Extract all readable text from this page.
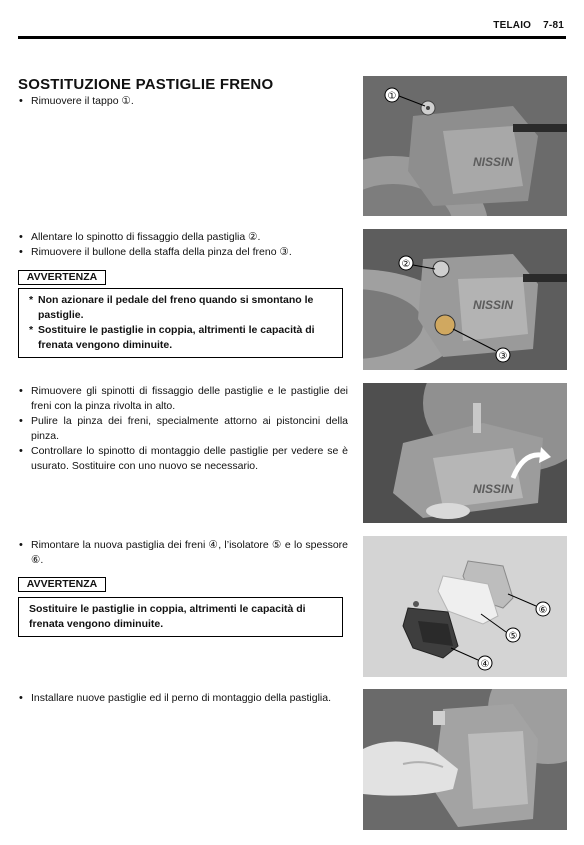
TELAIO 7-81
SOSTITUZIONE PASTIGLIE FRENO
• Rimuovere il tappo ①.
• Allentare lo spinotto di fissaggio della pastiglia ②.
• Rimuovere il bullone della staffa della pinza del freno ③.
AVVERTENZA
* Non azionare il pedale del freno quando si smontano le pastiglie.
* Sostituire le pastiglie in coppia, altrimenti le capacità di frenata vengono diminuite.
• Rimuovere gli spinotti di fissaggio delle pastiglie e le pastiglie dei freni con la pinza rivolta in alto.
• Pulire la pinza dei freni, specialmente attorno ai pistoncini della pinza.
• Controllare lo spinotto di montaggio delle pastiglie per vedere se è usurato. Sostituire con uno nuovo se necessario.
• Rimontare la nuova pastiglia dei freni ④, l’isolatore ⑤ e lo spessore ⑥.
AVVERTENZA
Sostituire le pastiglie in coppia, altrimenti le capacità di frenata vengono diminuite.
• Installare nuove pastiglie ed il perno di montaggio della pastiglia.
NISSIN
①
NISSIN
②
③
NISSIN
⑥
⑤
④
